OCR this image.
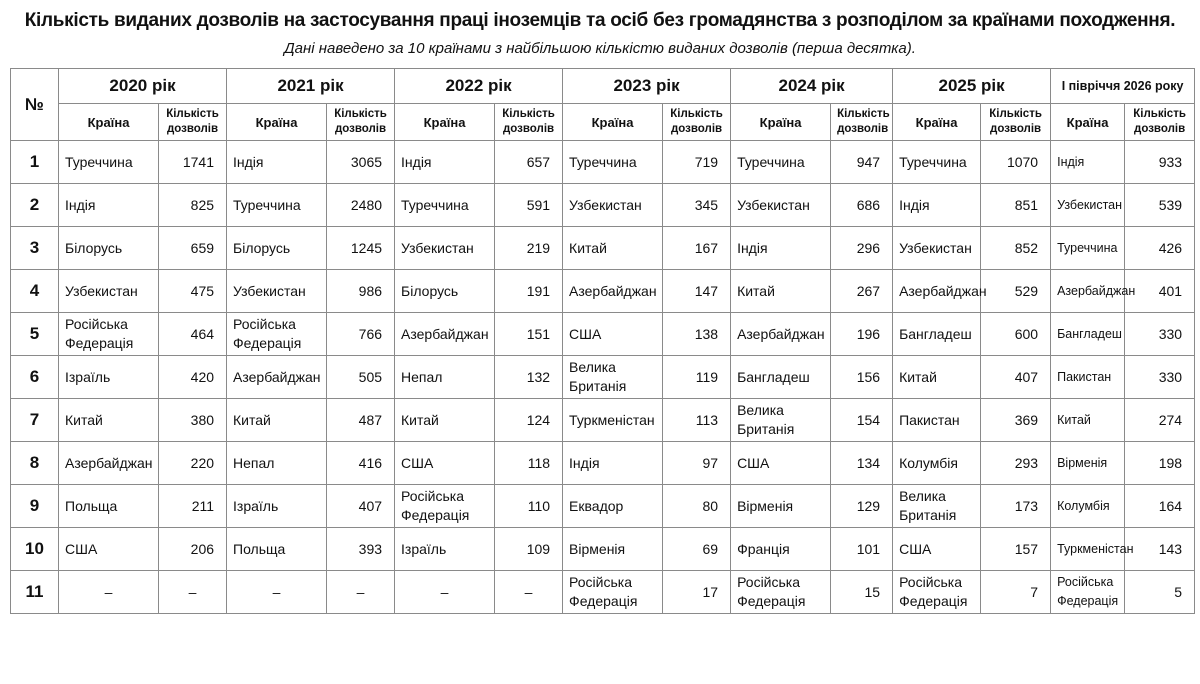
Кількість виданих дозволів на застосування праці іноземців та осіб без громадянства з розподілом за країнами походження.
Дані наведено за 10 країнами з найбільшою кількістю виданих дозволів (перша десятка).
№	2020 рік		2021 рік		2022 рік		2023 рік		2024 рік		2025 рік		I півріччя 2026 року	
	Країна	Кількість дозволів	Країна	Кількість дозволів	Країна	Кількість дозволів	Країна	Кількість дозволів	Країна	Кількість дозволів	Країна	Кількість дозволів	Країна	Кількість дозволів
1	Туреччина	1741	Індія	3065	Індія	657	Туреччина	719	Туреччина	947	Туреччина	1070	Індія	933
2	Індія	825	Туреччина	2480	Туреччина	591	Узбекистан	345	Узбекистан	686	Індія	851	Узбекистан	539
3	Білорусь	659	Білорусь	1245	Узбекистан	219	Китай	167	Індія	296	Узбекистан	852	Туреччина	426
4	Узбекистан	475	Узбекистан	986	Білорусь	191	Азербайджан	147	Китай	267	Азербайджан	529	Азербайджан	401
5	Російська Федерація	464	Російська Федерація	766	Азербайджан	151	США	138	Азербайджан	196	Бангладеш	600	Бангладеш	330
6	Ізраїль	420	Азербайджан	505	Непал	132	Велика Британія	119	Бангладеш	156	Китай	407	Пакистан	330
7	Китай	380	Китай	487	Китай	124	Туркменістан	113	Велика Британія	154	Пакистан	369	Китай	274
8	Азербайджан	220	Непал	416	США	118	Індія	97	США	134	Колумбія	293	Вірменія	198
9	Польща	211	Ізраїль	407	Російська Федерація	110	Еквадор	80	Вірменія	129	Велика Британія	173	Колумбія	164
10	США	206	Польща	393	Ізраїль	109	Вірменія	69	Франція	101	США	157	Туркменістан	143
11	–	–	–	–	–	–	Російська Федерація	17	Російська Федерація	15	Російська Федерація	7	Російська Федерація	5
